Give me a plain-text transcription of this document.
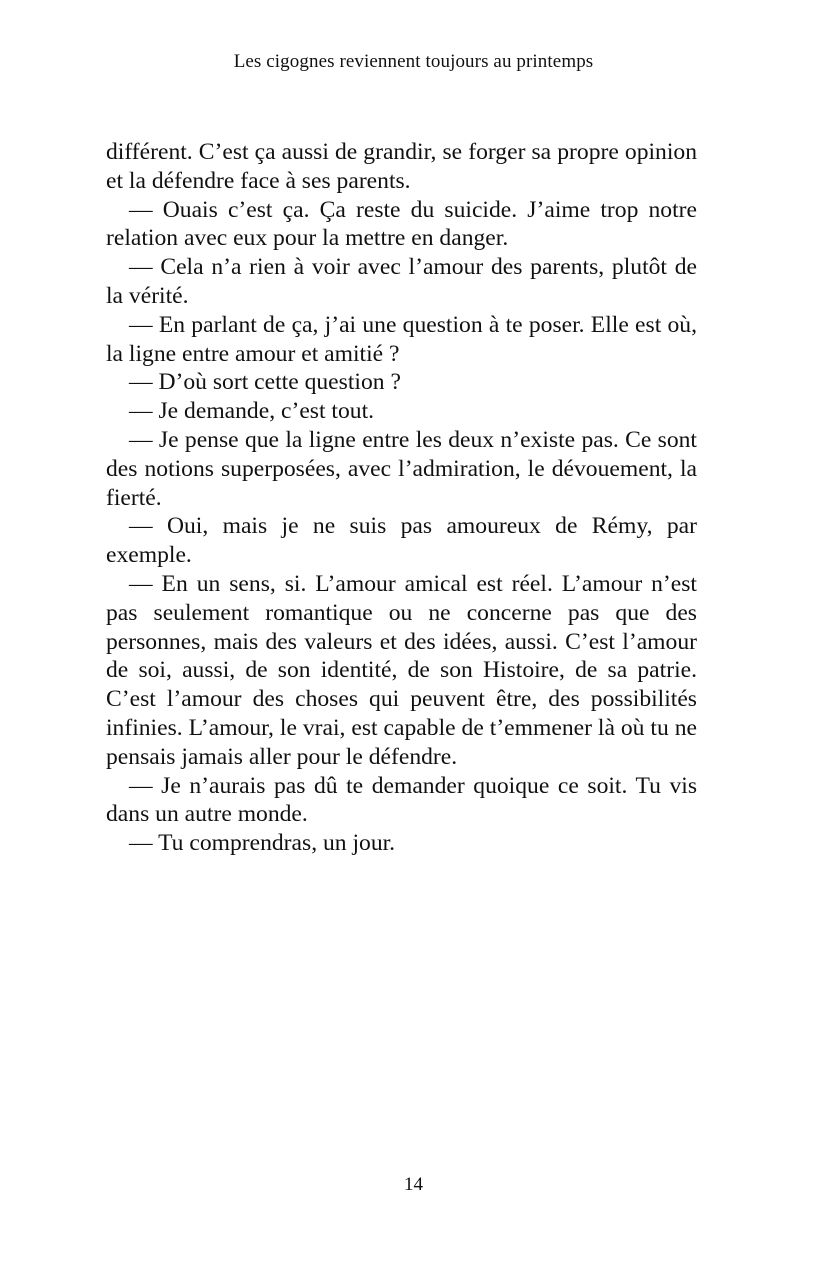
Les cigognes reviennent toujours au printemps

différent. C’est ça aussi de grandir, se forger sa propre opinion et la défendre face à ses parents.

— Ouais c’est ça. Ça reste du suicide. J’aime trop notre relation avec eux pour la mettre en danger.

— Cela n’a rien à voir avec l’amour des parents, plutôt de la vérité.

— En parlant de ça, j’ai une question à te poser. Elle est où, la ligne entre amour et amitié ?

— D’où sort cette question ?

— Je demande, c’est tout.

— Je pense que la ligne entre les deux n’existe pas. Ce sont des notions superposées, avec l’admiration, le dévouement, la fierté.

— Oui, mais je ne suis pas amoureux de Rémy, par exemple.

— En un sens, si. L’amour amical est réel. L’amour n’est pas seulement romantique ou ne concerne pas que des personnes, mais des valeurs et des idées, aussi. C’est l’amour de soi, aussi, de son identité, de son Histoire, de sa patrie. C’est l’amour des choses qui peuvent être, des possibilités infinies. L’amour, le vrai, est capable de t’emmener là où tu ne pensais jamais aller pour le défendre.

— Je n’aurais pas dû te demander quoique ce soit. Tu vis dans un autre monde.

— Tu comprendras, un jour.

14
